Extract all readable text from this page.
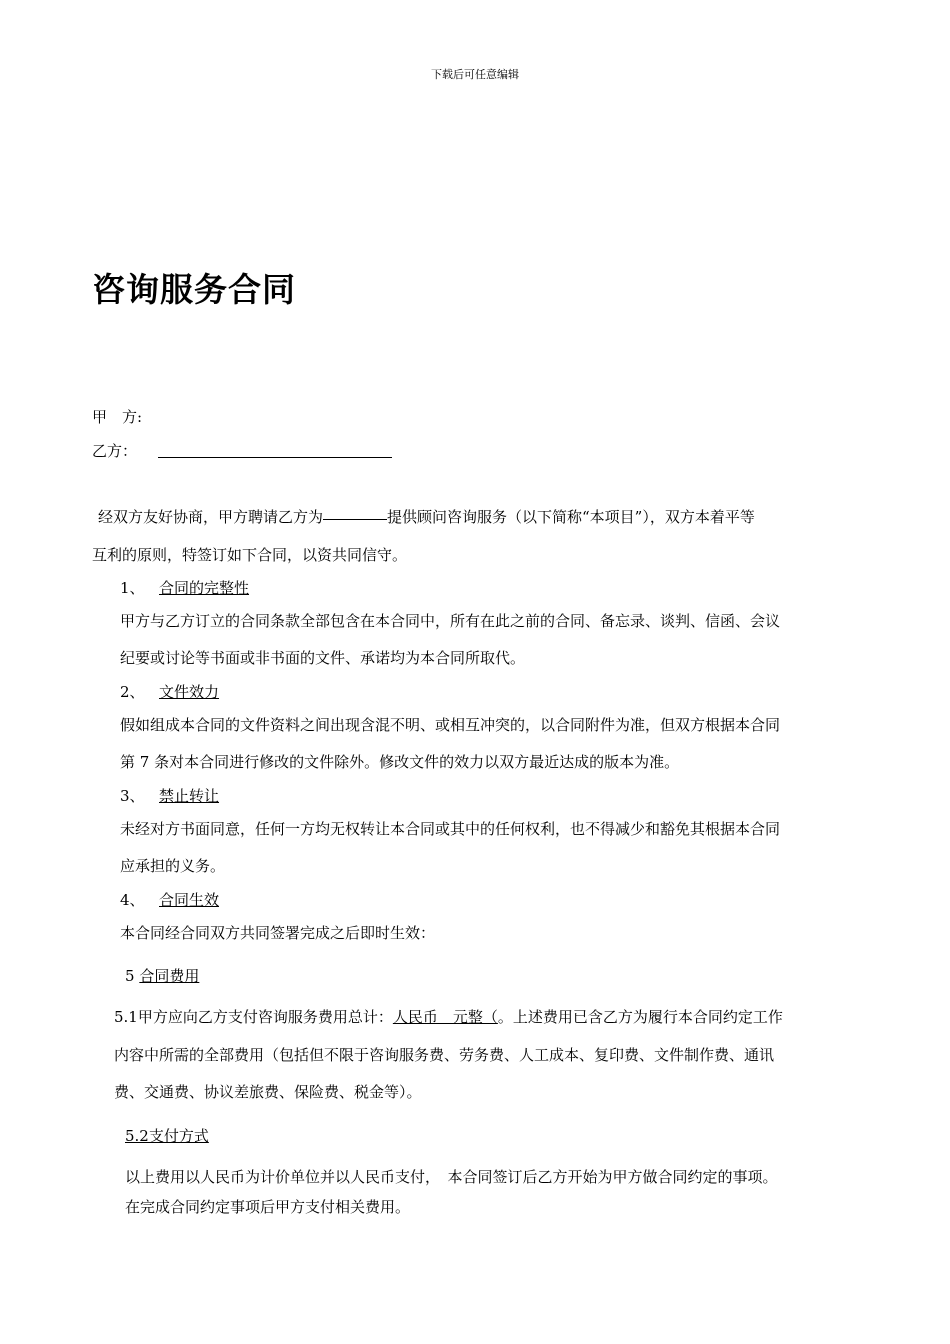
下载后可任意编辑
咨询服务合同
甲　方:
乙方：
经双方友好协商，甲方聘请乙方为	提供顾问咨询服务（以下简称“本项目”），双方本着平等
互利的原则，特签订如下合同，以资共同信守。
1、 合同的完整性
甲方与乙方订立的合同条款全部包含在本合同中，所有在此之前的合同、备忘录、谈判、信函、会议
纪要或讨论等书面或非书面的文件、承诺均为本合同所取代。
2、 文件效力
假如组成本合同的文件资料之间出现含混不明、或相互冲突的，以合同附件为准，但双方根据本合同
第 7 条对本合同进行修改的文件除外。修改文件的效力以双方最近达成的版本为准。
3、 禁止转让
未经对方书面同意，任何一方均无权转让本合同或其中的任何权利，也不得减少和豁免其根据本合同
应承担的义务。
4、 合同生效
本合同经合同双方共同签署完成之后即时生效：
5 合同费用
5.1甲方应向乙方支付咨询服务费用总计：人民币　元整（。上述费用已含乙方为履行本合同约定工作
内容中所需的全部费用（包括但不限于咨询服务费、劳务费、人工成本、复印费、文件制作费、通讯
费、交通费、协议差旅费、保险费、税金等）。
5.2支付方式
以上费用以人民币为计价单位并以人民币支付，　本合同签订后乙方开始为甲方做合同约定的事项。
在完成合同约定事项后甲方支付相关费用。
